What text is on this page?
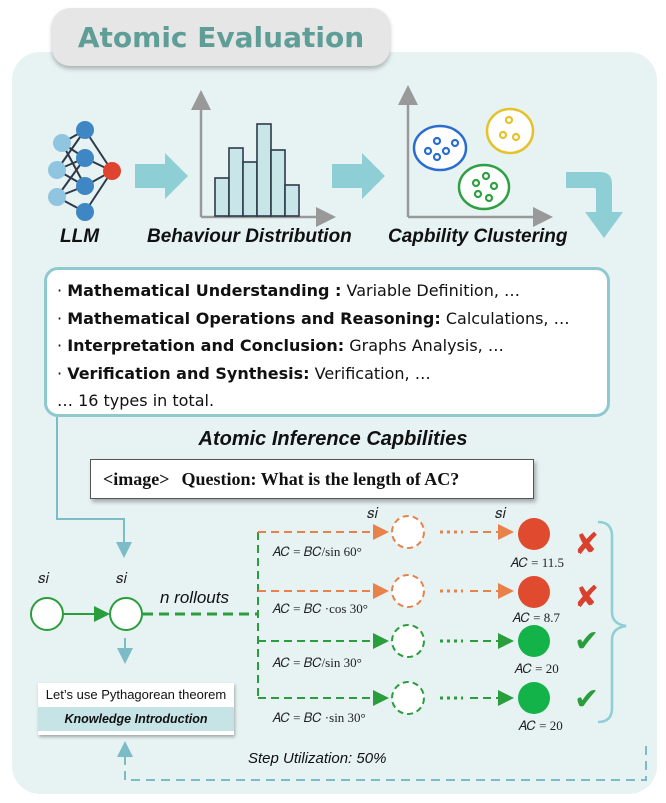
Atomic Evaluation
LLM	Behaviour Distribution Capbility Clustering
· Mathematical Understanding : Variable Definition, …
· Mathematical Operations and Reasoning: Calculations, …
· Interpretation and Conclusion: Graphs Analysis, …
· Verification and Synthesis: Verification, …
… 16 types in total.
Atomic Inference Capbilities
<image> Question: What is the length of AC?
𝑠𝑖	𝑠𝑖
𝑠𝑖	𝑠𝑖
n rollouts
𝐴𝐶 = 𝐵𝐶/sin 60°
𝐴𝐶 = 𝐵𝐶 ·cos 30°
𝐴𝐶 = 𝐵𝐶/sin 30°
𝐴𝐶 = 𝐵𝐶 ·sin 30°
𝐴𝐶 = 11.5
𝐴𝐶 = 8.7
𝐴𝐶 = 20
𝐴𝐶 = 20
✘
✘
✔
✔
Let’s use Pythagorean theorem
Knowledge Introduction
Step Utilization: 50%
